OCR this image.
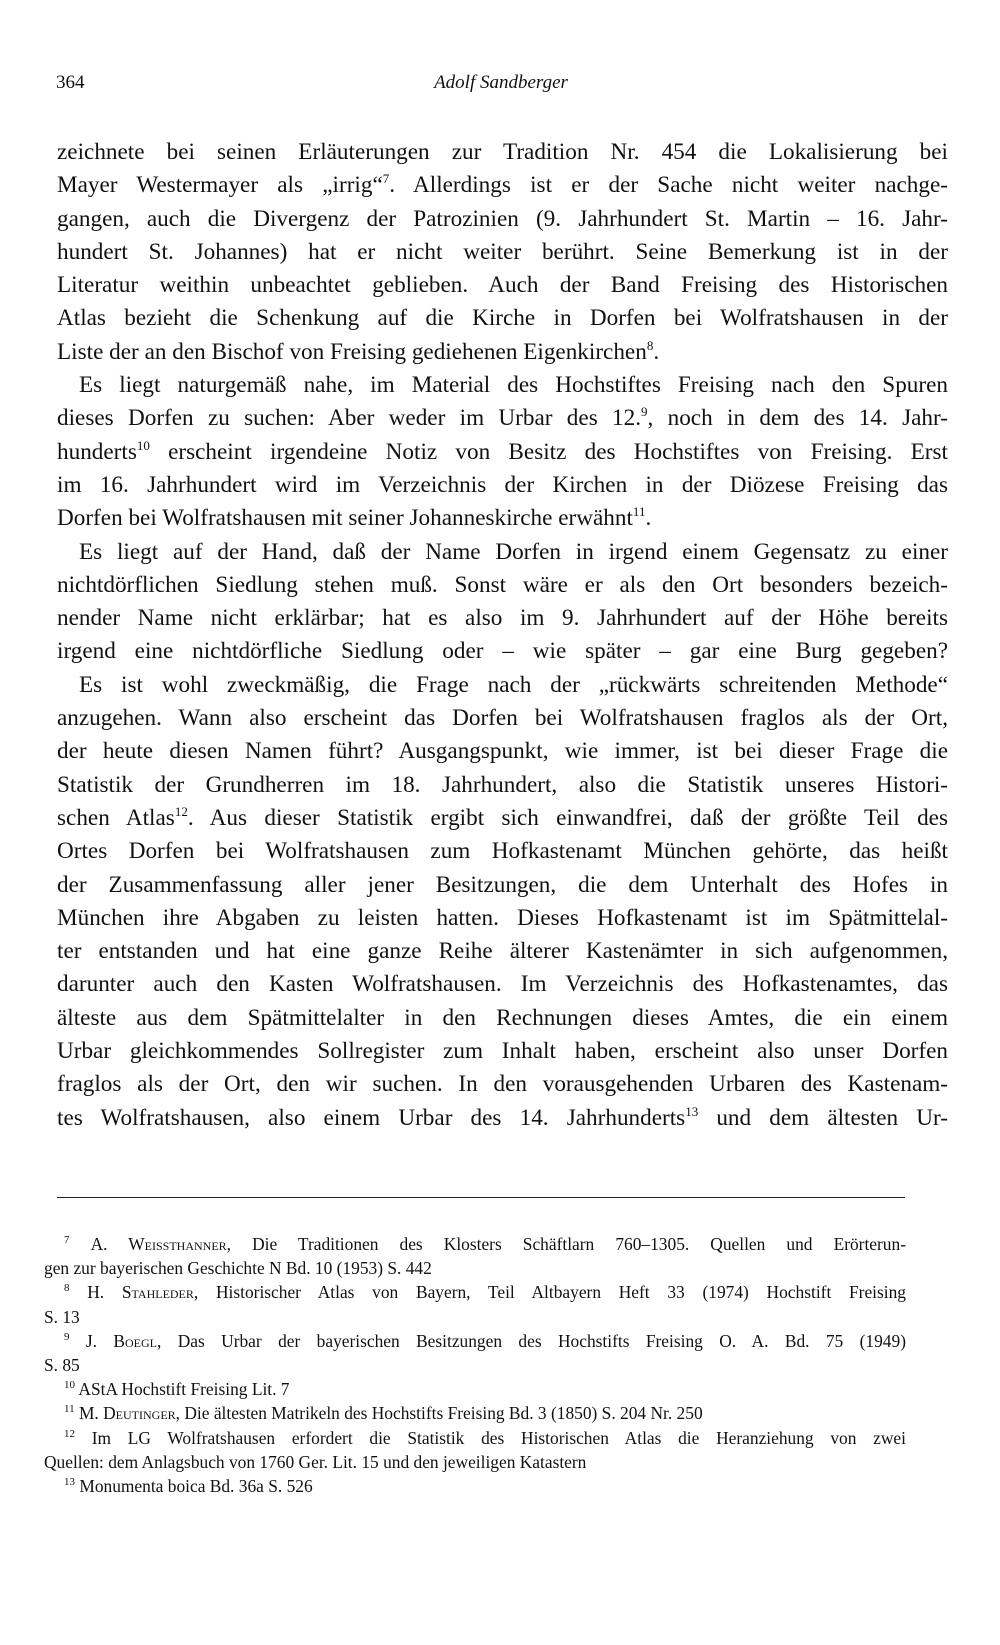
364	Adolf Sandberger
zeichnete bei seinen Erläuterungen zur Tradition Nr. 454 die Lokalisierung bei
Mayer Westermayer als „irrig“$^7$. Allerdings ist er der Sache nicht weiter nachge-
gangen, auch die Divergenz der Patrozinien (9. Jahrhundert St. Martin – 16. Jahr-
hundert St. Johannes) hat er nicht weiter berührt. Seine Bemerkung ist in der
Literatur weithin unbeachtet geblieben. Auch der Band Freising des Historischen
Atlas bezieht die Schenkung auf die Kirche in Dorfen bei Wolfratshausen in der
Liste der an den Bischof von Freising gediehenen Eigenkirchen$^8$.
Es liegt naturgemäß nahe, im Material des Hochstiftes Freising nach den Spuren
dieses Dorfen zu suchen: Aber weder im Urbar des 12.$^9$, noch in dem des 14. Jahr-
hunderts$^{10}$ erscheint irgendeine Notiz von Besitz des Hochstiftes von Freising. Erst
im 16. Jahrhundert wird im Verzeichnis der Kirchen in der Diözese Freising das
Dorfen bei Wolfratshausen mit seiner Johanneskirche erwähnt$^{11}$.
Es liegt auf der Hand, daß der Name Dorfen in irgend einem Gegensatz zu einer
nichtdörflichen Siedlung stehen muß. Sonst wäre er als den Ort besonders bezeich-
nender Name nicht erklärbar; hat es also im 9. Jahrhundert auf der Höhe bereits
irgend eine nichtdörfliche Siedlung oder – wie später – gar eine Burg gegeben?
Es ist wohl zweckmäßig, die Frage nach der „rückwärts schreitenden Methode“
anzugehen. Wann also erscheint das Dorfen bei Wolfratshausen fraglos als der Ort,
der heute diesen Namen führt? Ausgangspunkt, wie immer, ist bei dieser Frage die
Statistik der Grundherren im 18. Jahrhundert, also die Statistik unseres Histori-
schen Atlas$^{12}$. Aus dieser Statistik ergibt sich einwandfrei, daß der größte Teil des
Ortes Dorfen bei Wolfratshausen zum Hofkastenamt München gehörte, das heißt
der Zusammenfassung aller jener Besitzungen, die dem Unterhalt des Hofes in
München ihre Abgaben zu leisten hatten. Dieses Hofkastenamt ist im Spätmittelal-
ter entstanden und hat eine ganze Reihe älterer Kastenämter in sich aufgenommen,
darunter auch den Kasten Wolfratshausen. Im Verzeichnis des Hofkastenamtes, das
älteste aus dem Spätmittelalter in den Rechnungen dieses Amtes, die ein einem
Urbar gleichkommendes Sollregister zum Inhalt haben, erscheint also unser Dorfen
fraglos als der Ort, den wir suchen. In den vorausgehenden Urbaren des Kastenam-
tes Wolfratshausen, also einem Urbar des 14. Jahrhunderts$^{13}$ und dem ältesten Ur-
$^7$ A. Weissthanner, Die Traditionen des Klosters Schäftlarn 760–1305. Quellen und Erörterun-
gen zur bayerischen Geschichte N Bd. 10 (1953) S. 442
$^8$ H. Stahleder, Historischer Atlas von Bayern, Teil Altbayern Heft 33 (1974) Hochstift Freising
S. 13
$^9$ J. Boegl, Das Urbar der bayerischen Besitzungen des Hochstifts Freising O. A. Bd. 75 (1949)
S. 85
$^{10}$ AStA Hochstift Freising Lit. 7
$^{11}$ M. Deutinger, Die ältesten Matrikeln des Hochstifts Freising Bd. 3 (1850) S. 204 Nr. 250
$^{12}$ Im LG Wolfratshausen erfordert die Statistik des Historischen Atlas die Heranziehung von zwei
Quellen: dem Anlagsbuch von 1760 Ger. Lit. 15 und den jeweiligen Katastern
$^{13}$ Monumenta boica Bd. 36a S. 526
